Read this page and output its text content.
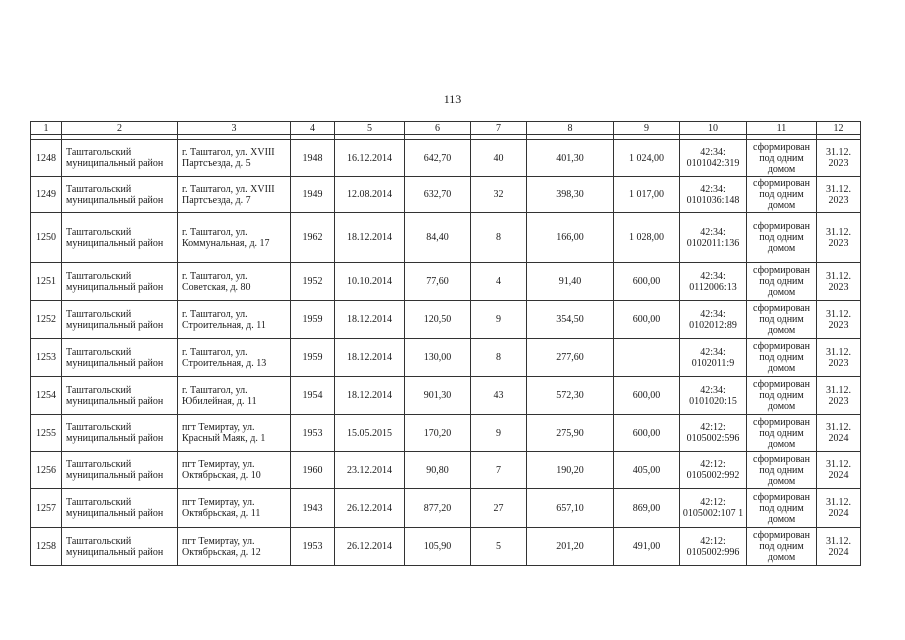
113
1	2	3	4	5	6	7	8	9	10	11	12

1248	Таштагольский муниципальный район	г. Таштагол, ул. XVIII Партсъезда, д. 5	1948	16.12.2014	642,70	40	401,30	1 024,00	42:34: 0101042:319	сформирован под одним домом	31.12. 2023
1249	Таштагольский муниципальный район	г. Таштагол, ул. XVIII Партсъезда, д. 7	1949	12.08.2014	632,70	32	398,30	1 017,00	42:34: 0101036:148	сформирован под одним домом	31.12. 2023
1250	Таштагольский муниципальный район	г. Таштагол, ул. Коммунальная, д. 17	1962	18.12.2014	84,40	8	166,00	1 028,00	42:34: 0102011:136	сформирован под одним домом	31.12. 2023
1251	Таштагольский муниципальный район	г. Таштагол, ул. Советская, д. 80	1952	10.10.2014	77,60	4	91,40	600,00	42:34: 0112006:13	сформирован под одним домом	31.12. 2023
1252	Таштагольский муниципальный район	г. Таштагол, ул. Строительная, д. 11	1959	18.12.2014	120,50	9	354,50	600,00	42:34: 0102012:89	сформирован под одним домом	31.12. 2023
1253	Таштагольский муниципальный район	г. Таштагол, ул. Строительная, д. 13	1959	18.12.2014	130,00	8	277,60		42:34: 0102011:9	сформирован под одним домом	31.12. 2023
1254	Таштагольский муниципальный район	г. Таштагол, ул. Юбилейная, д. 11	1954	18.12.2014	901,30	43	572,30	600,00	42:34: 0101020:15	сформирован под одним домом	31.12. 2023
1255	Таштагольский муниципальный район	пгт Темиртау, ул. Красный Маяк, д. 1	1953	15.05.2015	170,20	9	275,90	600,00	42:12: 0105002:596	сформирован под одним домом	31.12. 2024
1256	Таштагольский муниципальный район	пгт Темиртау, ул. Октябрьская, д. 10	1960	23.12.2014	90,80	7	190,20	405,00	42:12: 0105002:992	сформирован под одним домом	31.12. 2024
1257	Таштагольский муниципальный район	пгт Темиртау, ул. Октябрьская, д. 11	1943	26.12.2014	877,20	27	657,10	869,00	42:12: 0105002:107 1	сформирован под одним домом	31.12. 2024
1258	Таштагольский муниципальный район	пгт Темиртау, ул. Октябрьская, д. 12	1953	26.12.2014	105,90	5	201,20	491,00	42:12: 0105002:996	сформирован под одним домом	31.12. 2024
